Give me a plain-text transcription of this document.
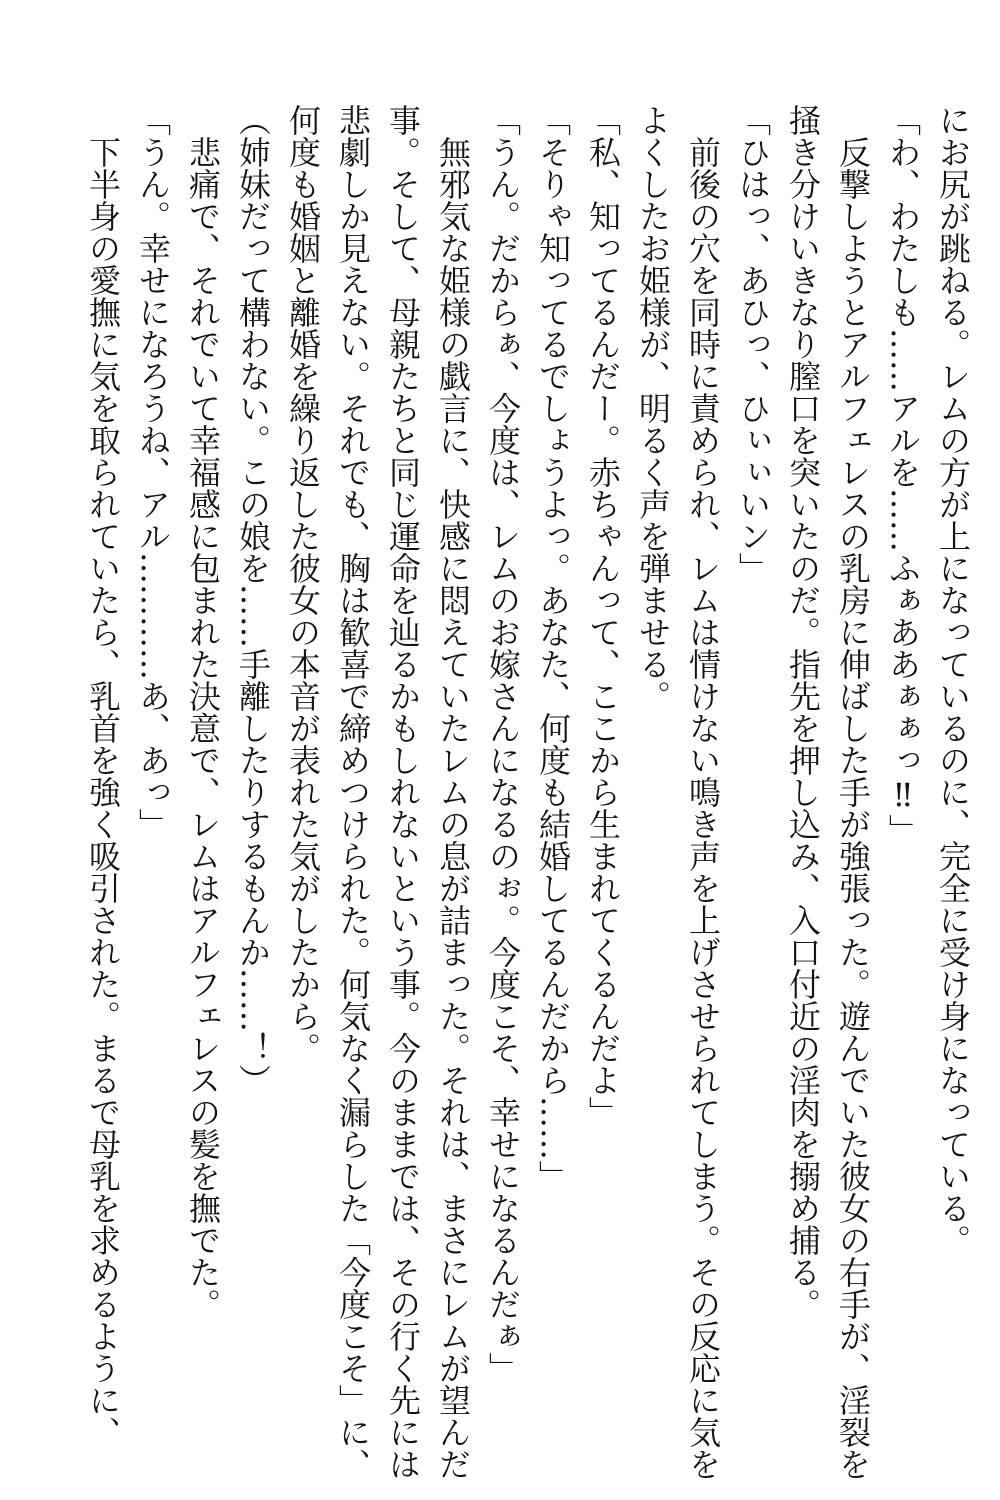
にお尻が跳ねる。レムの方が上になっているのに、完全に受け身になっている。

「わ、わたしも……アルを……ふぁああぁぁっ‼」

反撃しようとアルフェレスの乳房に伸ばした手が強張った。遊んでいた彼女の右手が、淫裂を

掻き分けいきなり膣口を突いたのだ。指先を押し込み、入口付近の淫肉を搦め捕る。

「ひはっ、あひっ、ひぃぃいン」

前後の穴を同時に責められ、レムは情けない鳴き声を上げさせられてしまう。その反応に気を

よくしたお姫様が、明るく声を弾ませる。

「私、知ってるんだー。赤ちゃんって、ここから生まれてくるんだよ」

「そりゃ知ってるでしょうよっ。あなた、何度も結婚してるんだから……」

「うん。だからぁ、今度は、レムのお嫁さんになるのぉ。今度こそ、幸せになるんだぁ」

無邪気な姫様の戯言に、快感に悶えていたレムの息が詰まった。それは、まさにレムが望んだ

事。そして、母親たちと同じ運命を辿るかもしれないという事。今のままでは、その行く先には

悲劇しか見えない。それでも、胸は歓喜で締めつけられた。何気なく漏らした「今度こそ」に、

何度も婚姻と離婚を繰り返した彼女の本音が表れた気がしたから。

（姉妹だって構わない。この娘を……手離したりするもんか……！）

悲痛で、それでいて幸福感に包まれた決意で、レムはアルフェレスの髪を撫でた。

「うん。幸せになろうね、アル…………あ、あっ」

下半身の愛撫に気を取られていたら、乳首を強く吸引された。まるで母乳を求めるように、
